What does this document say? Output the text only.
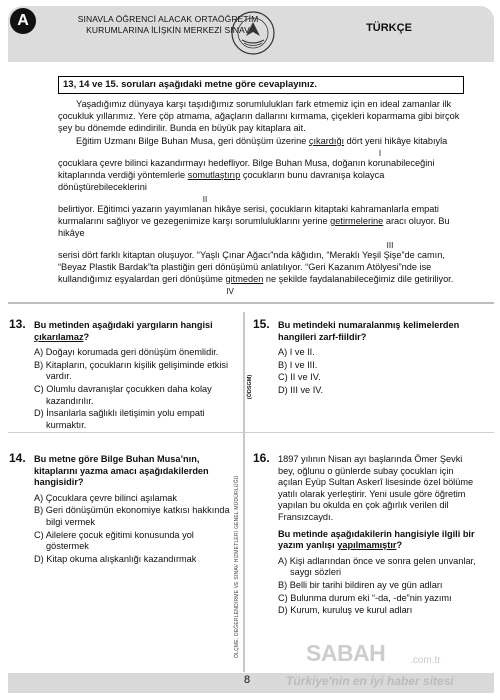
A	SINAVLA ÖĞRENCİ ALACAK ORTAÖĞRETİM
KURUMLARINA İLİŞKİN MERKEZİ SINAV	TÜRKÇE
13, 14 ve 15. soruları aşağıdaki metne göre cevaplayınız.

Yaşadığımız dünyaya karşı taşıdığımız sorumlulukları fark etmemiz için en ideal zamanlar ilk çocukluk yıllarımız. Yere çöp atmama, ağaçların dallarını kırmama, çiçekleri koparmama gibi birçok şey bu dönemde edindirilir. Bunda en büyük pay kitaplara ait.

Eğitim Uzmanı Bilge Buhan Musa, geri dönüşüm üzerine çıkardığı dört yeni hikâye kitabıyla

I

çocuklara çevre bilinci kazandırmayı hedefliyor. Bilge Buhan Musa, doğanın korunabileceğini kitaplarında verdiği yöntemlerle somutlaştırıp çocukların bunu davranışa kolayca dönüştürebileceklerini

II

belirtiyor. Eğitimci yazarın yayımlanan hikâye serisi, çocukların kitaptaki kahramanlarla empati kurmalarını sağlıyor ve gezegenimize karşı sorumluluklarını yerine getirmelerine aracı oluyor. Bu hikâye

III

serisi dört farklı kitaptan oluşuyor. “Yaşlı Çınar Ağacı”nda kâğıdın, “Meraklı Yeşil Şişe”de camın, “Beyaz Plastik Bardak”ta plastiğin geri dönüşümü anlatılıyor. “Geri Kazanım Atölyesi”nde ise kullandığımız eşyalardan geri dönüşüme gitmeden ne şekilde faydalanabileceğimiz dile getiriliyor.

IV
ÖLÇME, DEĞERLENDİRME VE SINAV HİZMETLERİ GENEL MÜDÜRLÜĞÜ
(ÖDSGM)
13. Bu metinden aşağıdaki yargıların hangisi çıkarılamaz?
A) Doğayı korumada geri dönüşüm önemlidir.
B) Kitapların, çocukların kişilik gelişiminde etkisi vardır.
C) Olumlu davranışlar çocukken daha kolay kazandırılır.
D) İnsanlarla sağlıklı iletişimin yolu empati kurmaktır.
15. Bu metindeki numaralanmış kelimelerden hangileri zarf-fiildir?
A) I ve II.
B) I ve III.
C) II ve IV.
D) III ve IV.
14. Bu metne göre Bilge Buhan Musa’nın, kitaplarını yazma amacı aşağıdakilerden hangisidir?
A) Çocuklara çevre bilinci aşılamak
B) Geri dönüşümün ekonomiye katkısı hakkında bilgi vermek
C) Ailelere çocuk eğitimi konusunda yol göstermek
D) Kitap okuma alışkanlığı kazandırmak
16. 1897 yılının Nisan ayı başlarında Ömer Şevki bey, oğlunu o günlerde subay çocukları için açılan Eyüp Sultan Askerî lisesinde özel bölüme yatılı olarak yerleştirir. Yeni usule göre öğretim yapılan bu okulda en çok ağırlık verilen dil Fransızcaydı.
Bu metinde aşağıdakilerin hangisiyle ilgili bir yazım yanlışı yapılmamıştır?
A) Kişi adlarından önce ve sonra gelen unvanlar, saygı sözleri
B) Belli bir tarihi bildiren ay ve gün adları
C) Bulunma durum eki “-da, -de”nin yazımı
D) Kurum, kuruluş ve kurul adları
8
SABAH .com.tr
Türkiye'nin en iyi haber sitesi
